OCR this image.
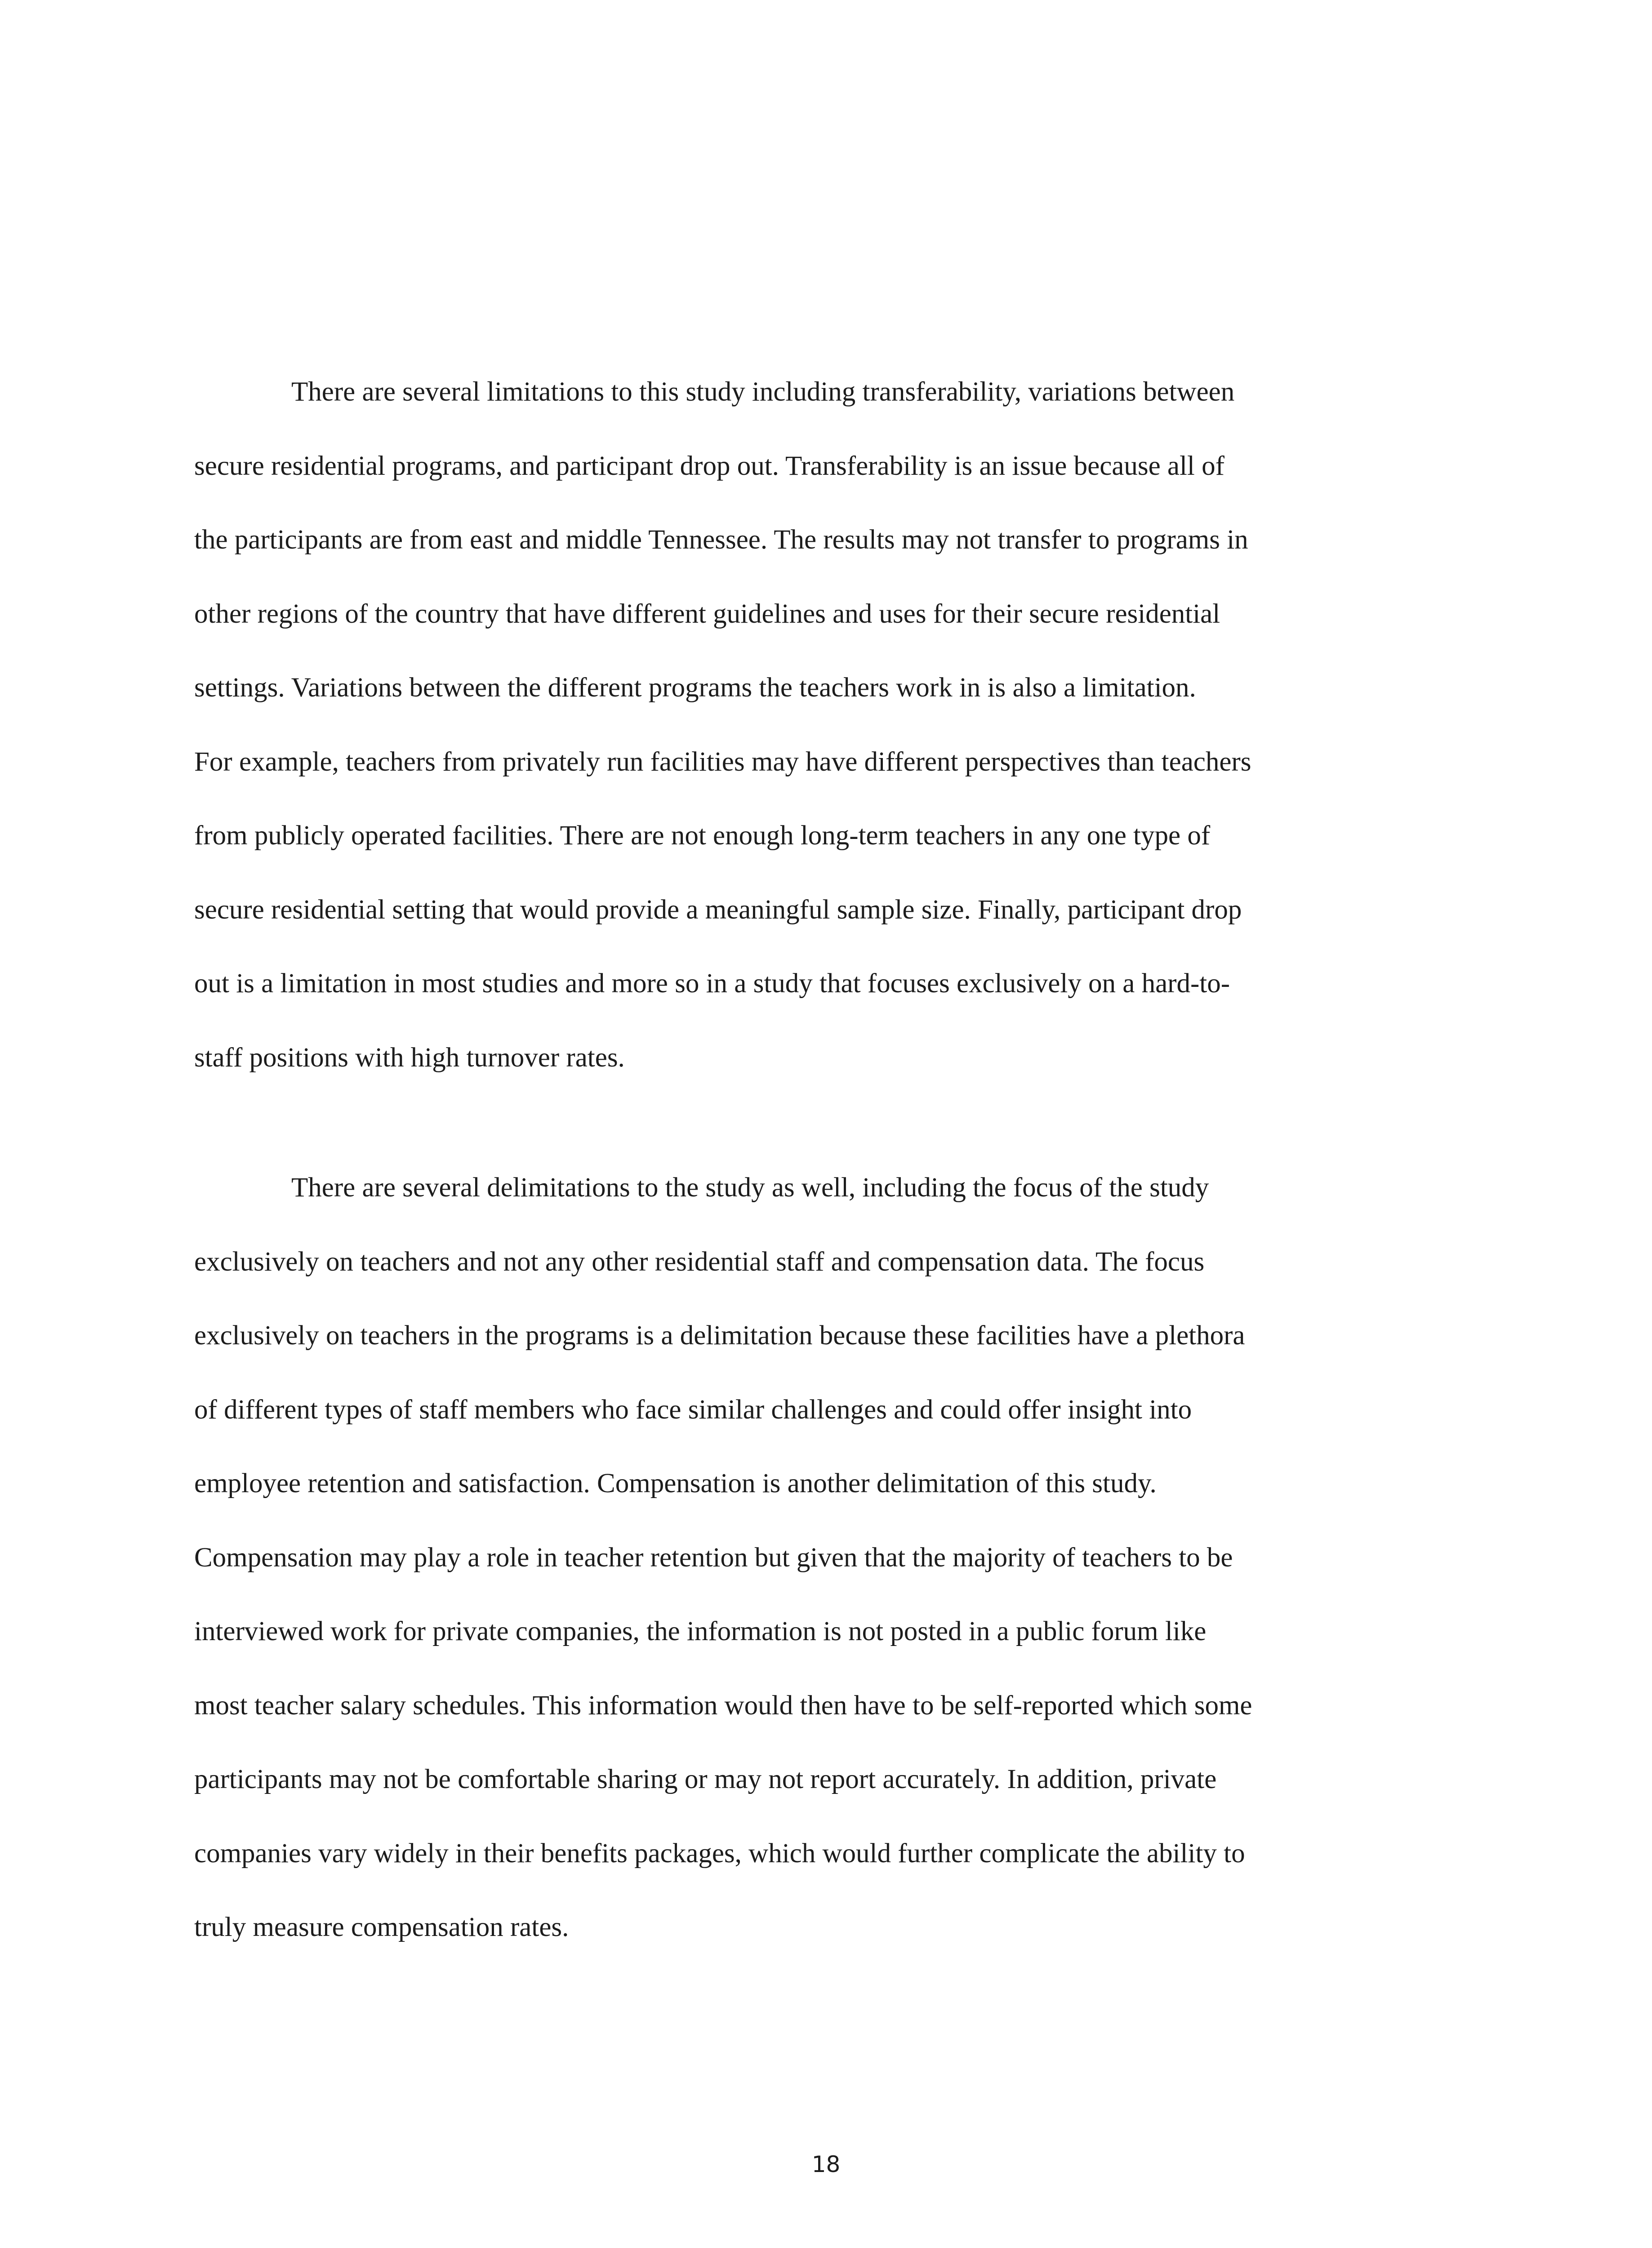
There are several limitations to this study including transferability, variations between
secure residential programs, and participant drop out. Transferability is an issue because all of
the participants are from east and middle Tennessee. The results may not transfer to programs in
other regions of the country that have different guidelines and uses for their secure residential
settings. Variations between the different programs the teachers work in is also a limitation.
For example, teachers from privately run facilities may have different perspectives than teachers
from publicly operated facilities. There are not enough long-term teachers in any one type of
secure residential setting that would provide a meaningful sample size. Finally, participant drop
out is a limitation in most studies and more so in a study that focuses exclusively on a hard-to-
staff positions with high turnover rates.
There are several delimitations to the study as well, including the focus of the study
exclusively on teachers and not any other residential staff and compensation data. The focus
exclusively on teachers in the programs is a delimitation because these facilities have a plethora
of different types of staff members who face similar challenges and could offer insight into
employee retention and satisfaction. Compensation is another delimitation of this study.
Compensation may play a role in teacher retention but given that the majority of teachers to be
interviewed work for private companies, the information is not posted in a public forum like
most teacher salary schedules. This information would then have to be self-reported which some
participants may not be comfortable sharing or may not report accurately. In addition, private
companies vary widely in their benefits packages, which would further complicate the ability to
truly measure compensation rates.
18
